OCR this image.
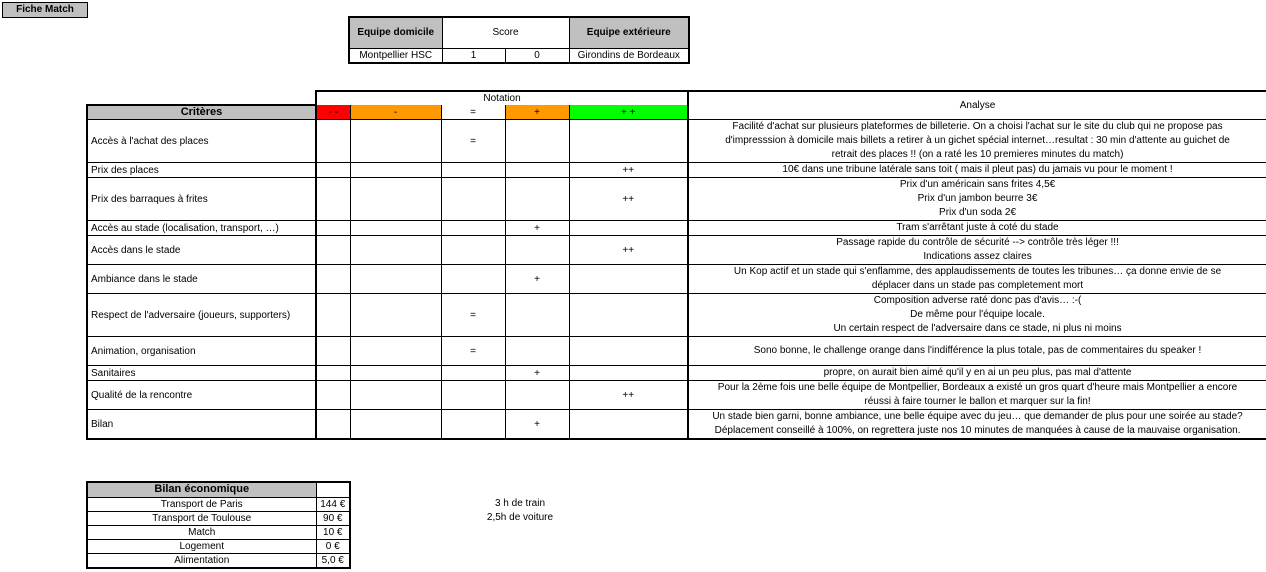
Fiche Match
Equipe domicile	Score		Equipe extérieure
Montpellier HSC	1	0	Girondins de Bordeaux
	Notation					Analyse
Critères	- -	-	=	+	+ +	
Accès à l'achat des places			=			Facilité d'achat sur plusieurs plateformes de billeterie. On a choisi l'achat sur le site du club qui ne propose pas
d'impresssion à domicile mais billets a retirer à un gichet spécial internet…resultat : 30 min d'attente au guichet de
retrait des places !! (on a raté les 10 premieres minutes du match)

Prix des places					++	10€ dans une tribune latérale sans toit ( mais il pleut pas) du jamais vu pour le moment !

Prix des barraques à frites					++	Prix d'un américain sans frites 4,5€
Prix d'un jambon beurre 3€
Prix d'un soda 2€

Accès au stade (localisation, transport, …)				+		Tram s'arrêtant juste à coté du stade

Accès dans le stade					++	Passage rapide du contrôle de sécurité --> contrôle très léger !!!
Indications assez claires

Ambiance dans le stade				+		Un Kop actif et un stade qui s'enflamme, des applaudissements de toutes les tribunes… ça donne envie de se
déplacer dans un stade pas completement mort

Respect de l'adversaire (joueurs, supporters)			=			Composition adverse raté donc pas d'avis… :-(
De même pour l'équipe locale.
Un certain respect de l'adversaire dans ce stade, ni plus ni moins

Animation, organisation			=			Sono bonne, le challenge orange dans l'indifférence la plus totale, pas de commentaires du speaker !

Sanitaires				+		propre, on aurait bien aimé qu'il y en ai un peu plus, pas mal d'attente

Qualité de la rencontre					++	Pour la 2ème fois une belle équipe de Montpellier, Bordeaux a existé un gros quart d'heure mais Montpellier a encore
réussi à faire tourner le ballon et marquer sur la fin!

Bilan				+		Un stade bien garni, bonne ambiance, une belle équipe avec du jeu… que demander de plus pour une soirée au stade?
Déplacement conseillé à 100%, on regrettera juste nos 10 minutes de manquées à cause de la mauvaise organisation.
Bilan économique	
Transport de Paris	144 €
Transport de Toulouse	90 €
Match	10 €
Logement	0 €
Alimentation	5,0 €
3 h de train
2,5h de voiture
